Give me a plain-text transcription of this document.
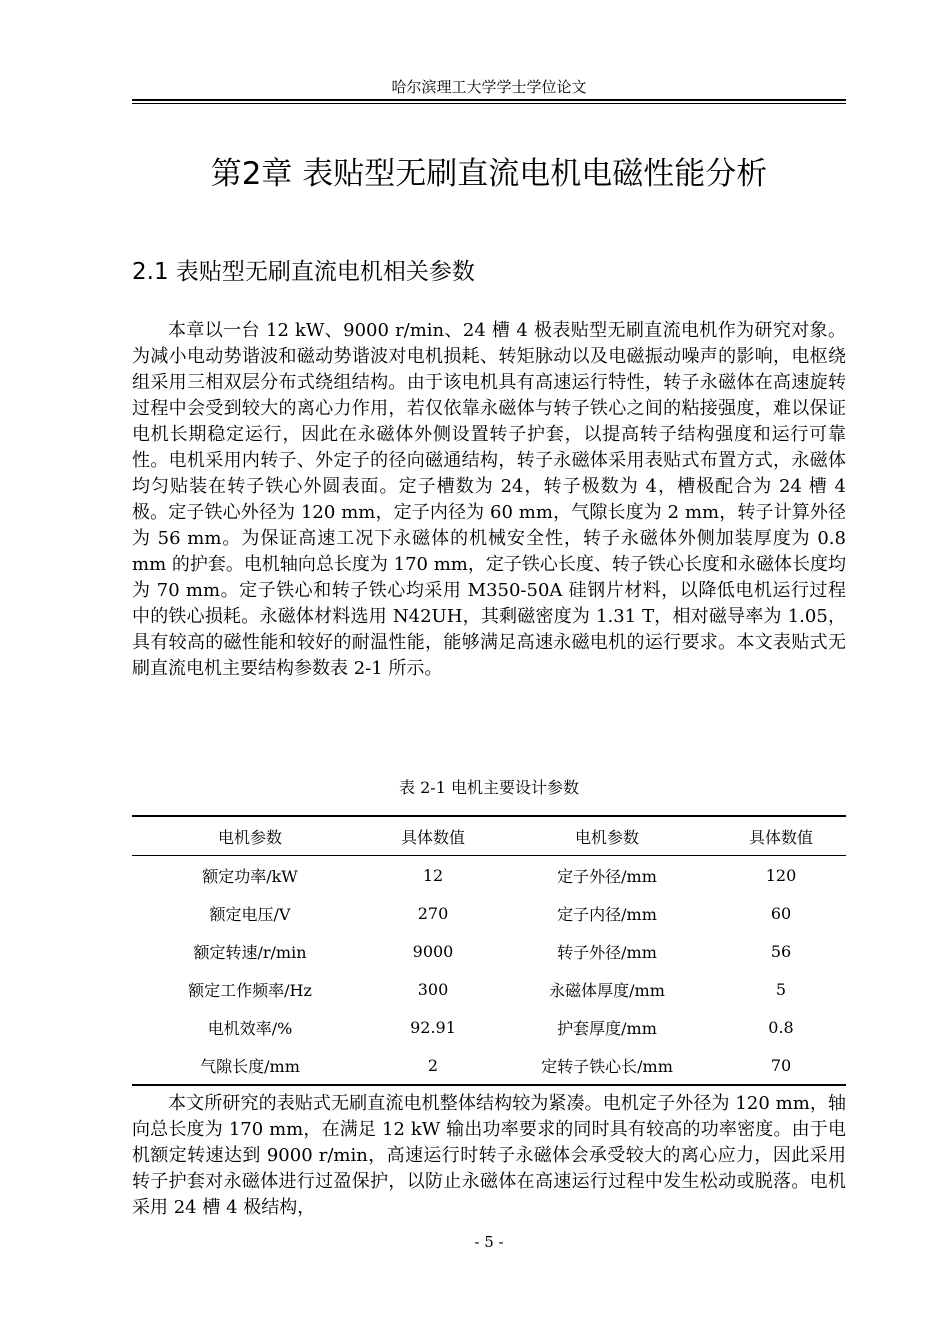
哈尔滨理工大学学士学位论文
第2章 表贴型无刷直流电机电磁性能分析
2.1 表贴型无刷直流电机相关参数

本章以一台 12 kW、9000 r/min、24 槽 4 极表贴型无刷直流电机作为研究对象。为减小电动势谐波和磁动势谐波对电机损耗、转矩脉动以及电磁振动噪声的影响，电枢绕组采用三相双层分布式绕组结构。由于该电机具有高速运行特性，转子永磁体在高速旋转过程中会受到较大的离心力作用，若仅依靠永磁体与转子铁心之间的粘接强度，难以保证电机长期稳定运行，因此在永磁体外侧设置转子护套，以提高转子结构强度和运行可靠性。电机采用内转子、外定子的径向磁通结构，转子永磁体采用表贴式布置方式，永磁体均匀贴装在转子铁心外圆表面。定子槽数为 24，转子极数为 4，槽极配合为 24 槽 4 极。定子铁心外径为 120 mm，定子内径为 60 mm，气隙长度为 2 mm，转子计算外径为 56 mm。为保证高速工况下永磁体的机械安全性，转子永磁体外侧加装厚度为 0.8 mm 的护套。电机轴向总长度为 170 mm，定子铁心长度、转子铁心长度和永磁体长度均为 70 mm。定子铁心和转子铁心均采用 M350-50A 硅钢片材料，以降低电机运行过程中的铁心损耗。永磁体材料选用 N42UH，其剩磁密度为 1.31 T，相对磁导率为 1.05，具有较高的磁性能和较好的耐温性能，能够满足高速永磁电机的运行要求。本文表贴式无刷直流电机主要结构参数表 2-1 所示。

表 2-1 电机主要设计参数
电机参数	具体数值	电机参数	具体数值
额定功率/kW	12	定子外径/mm	120
额定电压/V	270	定子内径/mm	60
额定转速/r/min	9000	转子外径/mm	56
额定工作频率/Hz	300	永磁体厚度/mm	5
电机效率/%	92.91	护套厚度/mm	0.8
气隙长度/mm	2	定转子铁心长/mm	70

本文所研究的表贴式无刷直流电机整体结构较为紧凑。电机定子外径为 120 mm，轴向总长度为 170 mm，在满足 12 kW 输出功率要求的同时具有较高的功率密度。由于电机额定转速达到 9000 r/min，高速运行时转子永磁体会承受较大的离心应力，因此采用转子护套对永磁体进行过盈保护，以防止永磁体在高速运行过程中发生松动或脱落。电机采用 24 槽 4 极结构，

- 5 -
